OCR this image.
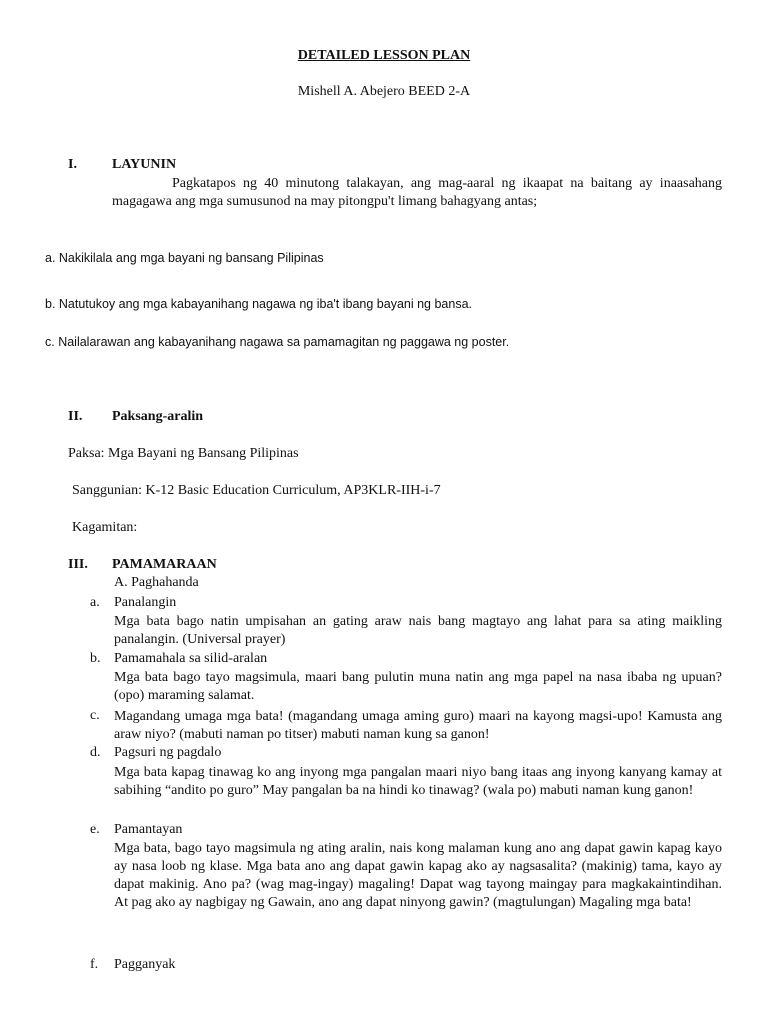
DETAILED LESSON PLAN
Mishell A. Abejero BEED 2-A
I.	LAYUNIN
Pagkatapos ng 40 minutong talakayan, ang mag-aaral ng ikaapat na baitang ay inaasahang magagawa ang mga sumusunod na may pitongpu't limang bahagyang antas;
a. Nakikilala ang mga bayani ng bansang Pilipinas
b. Natutukoy ang mga kabayanihang nagawa ng iba't ibang bayani ng bansa.
c. Nailalarawan ang kabayanihang nagawa sa pamamagitan ng paggawa ng poster.
II. Paksang-aralin
Paksa: Mga Bayani ng Bansang Pilipinas
Sanggunian: K-12 Basic Education Curriculum, AP3KLR-IIH-i-7
Kagamitan:
III. PAMAMARAAN
A. Paghahanda
a. Panalangin
Mga bata bago natin umpisahan an gating araw nais bang magtayo ang lahat para sa ating maikling panalangin. (Universal prayer)
b. Pamamahala sa silid-aralan
Mga bata bago tayo magsimula, maari bang pulutin muna natin ang mga papel na nasa ibaba ng upuan? (opo) maraming salamat.
c. Magandang umaga mga bata! (magandang umaga aming guro) maari na kayong magsi-upo! Kamusta ang araw niyo? (mabuti naman po titser) mabuti naman kung sa ganon!
d. Pagsuri ng pagdalo
Mga bata kapag tinawag ko ang inyong mga pangalan maari niyo bang itaas ang inyong kanyang kamay at sabihing “andito po guro” May pangalan ba na hindi ko tinawag? (wala po) mabuti naman kung ganon!
e. Pamantayan
Mga bata, bago tayo magsimula ng ating aralin, nais kong malaman kung ano ang dapat gawin kapag kayo ay nasa loob ng klase. Mga bata ano ang dapat gawin kapag ako ay nagsasalita? (makinig) tama, kayo ay dapat makinig. Ano pa? (wag mag-ingay) magaling! Dapat wag tayong maingay para magkakaintindihan. At pag ako ay nagbigay ng Gawain, ano ang dapat ninyong gawin? (magtulungan) Magaling mga bata!
f. Pagganyak
